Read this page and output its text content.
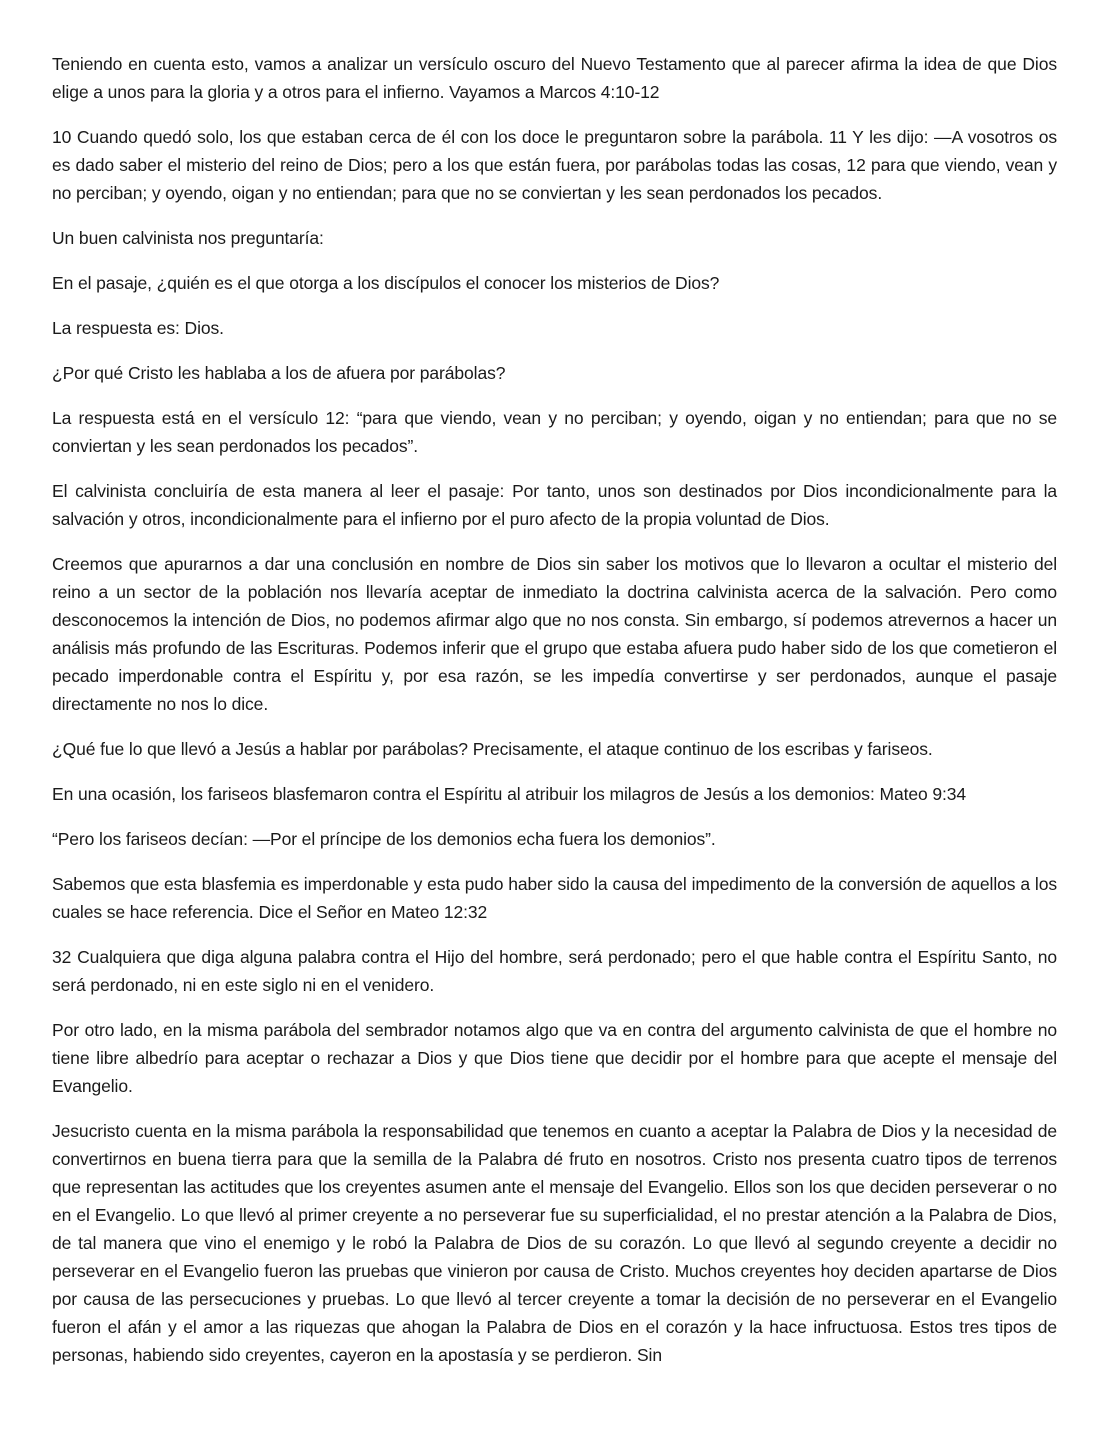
Teniendo en cuenta esto, vamos a analizar un versículo oscuro del Nuevo Testamento que al parecer afirma la idea de que Dios elige a unos para la gloria y a otros para el infierno. Vayamos a Marcos 4:10-12

10 Cuando quedó solo, los que estaban cerca de él con los doce le preguntaron sobre la parábola. 11 Y les dijo: —A vosotros os es dado saber el misterio del reino de Dios; pero a los que están fuera, por parábolas todas las cosas, 12 para que viendo, vean y no perciban; y oyendo, oigan y no entiendan; para que no se conviertan y les sean perdonados los pecados.

Un buen calvinista nos preguntaría:

En el pasaje, ¿quién es el que otorga a los discípulos el conocer los misterios de Dios?

La respuesta es: Dios.

¿Por qué Cristo les hablaba a los de afuera por parábolas?

La respuesta está en el versículo 12: “para que viendo, vean y no perciban; y oyendo, oigan y no entiendan; para que no se conviertan y les sean perdonados los pecados”.

El calvinista concluiría de esta manera al leer el pasaje: Por tanto, unos son destinados por Dios incondicionalmente para la salvación y otros, incondicionalmente para el infierno por el puro afecto de la propia voluntad de Dios.

Creemos que apurarnos a dar una conclusión en nombre de Dios sin saber los motivos que lo llevaron a ocultar el misterio del reino a un sector de la población nos llevaría aceptar de inmediato la doctrina calvinista acerca de la salvación. Pero como desconocemos la intención de Dios, no podemos afirmar algo que no nos consta. Sin embargo, sí podemos atrevernos a hacer un análisis más profundo de las Escrituras. Podemos inferir que el grupo que estaba afuera pudo haber sido de los que cometieron el pecado imperdonable contra el Espíritu y, por esa razón, se les impedía convertirse y ser perdonados, aunque el pasaje directamente no nos lo dice.

¿Qué fue lo que llevó a Jesús a hablar por parábolas? Precisamente, el ataque continuo de los escribas y fariseos.

En una ocasión, los fariseos blasfemaron contra el Espíritu al atribuir los milagros de Jesús a los demonios: Mateo 9:34

“Pero los fariseos decían: —Por el príncipe de los demonios echa fuera los demonios”.

Sabemos que esta blasfemia es imperdonable y esta pudo haber sido la causa del impedimento de la conversión de aquellos a los cuales se hace referencia. Dice el Señor en Mateo 12:32

32 Cualquiera que diga alguna palabra contra el Hijo del hombre, será perdonado; pero el que hable contra el Espíritu Santo, no será perdonado, ni en este siglo ni en el venidero.

Por otro lado, en la misma parábola del sembrador notamos algo que va en contra del argumento calvinista de que el hombre no tiene libre albedrío para aceptar o rechazar a Dios y que Dios tiene que decidir por el hombre para que acepte el mensaje del Evangelio.

Jesucristo cuenta en la misma parábola la responsabilidad que tenemos en cuanto a aceptar la Palabra de Dios y la necesidad de convertirnos en buena tierra para que la semilla de la Palabra dé fruto en nosotros. Cristo nos presenta cuatro tipos de terrenos que representan las actitudes que los creyentes asumen ante el mensaje del Evangelio. Ellos son los que deciden perseverar o no en el Evangelio. Lo que llevó al primer creyente a no perseverar fue su superficialidad, el no prestar atención a la Palabra de Dios, de tal manera que vino el enemigo y le robó la Palabra de Dios de su corazón. Lo que llevó al segundo creyente a decidir no perseverar en el Evangelio fueron las pruebas que vinieron por causa de Cristo. Muchos creyentes hoy deciden apartarse de Dios por causa de las persecuciones y pruebas. Lo que llevó al tercer creyente a tomar la decisión de no perseverar en el Evangelio fueron el afán y el amor a las riquezas que ahogan la Palabra de Dios en el corazón y la hace infructuosa. Estos tres tipos de personas, habiendo sido creyentes, cayeron en la apostasía y se perdieron. Sin
